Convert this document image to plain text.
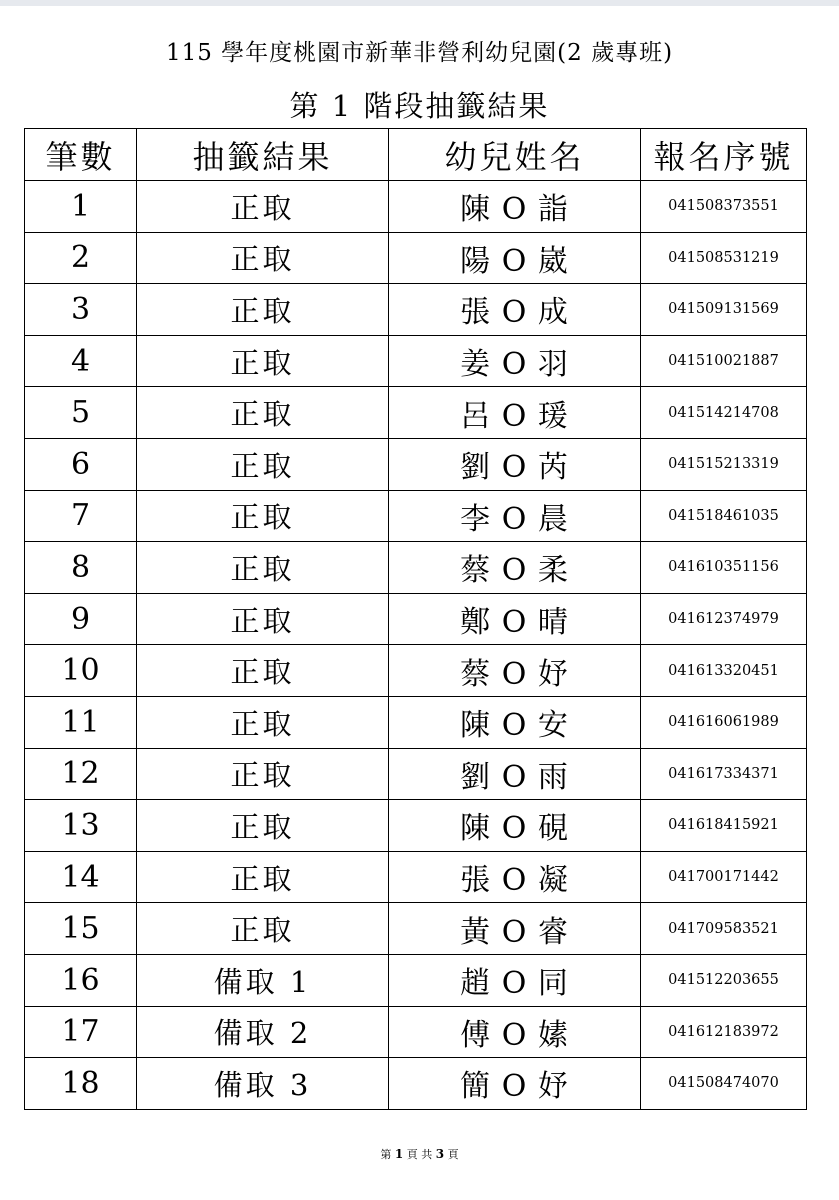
115 學年度桃園市新華非營利幼兒園(2 歲專班)
第 1 階段抽籤結果
筆數	抽籤結果	幼兒姓名	報名序號
1	正取	陳 O 詣	041508373551
2	正取	陽 O 崴	041508531219
3	正取	張 O 成	041509131569
4	正取	姜 O 羽	041510021887
5	正取	呂 O 瑗	041514214708
6	正取	劉 O 芮	041515213319
7	正取	李 O 晨	041518461035
8	正取	蔡 O 柔	041610351156
9	正取	鄭 O 晴	041612374979
10	正取	蔡 O 妤	041613320451
11	正取	陳 O 安	041616061989
12	正取	劉 O 雨	041617334371
13	正取	陳 O 硯	041618415921
14	正取	張 O 凝	041700171442
15	正取	黃 O 睿	041709583521
16	備取 1	趙 O 同	041512203655
17	備取 2	傅 O 嫊	041612183972
18	備取 3	簡 O 妤	041508474070
第 1 頁 共 3 頁
